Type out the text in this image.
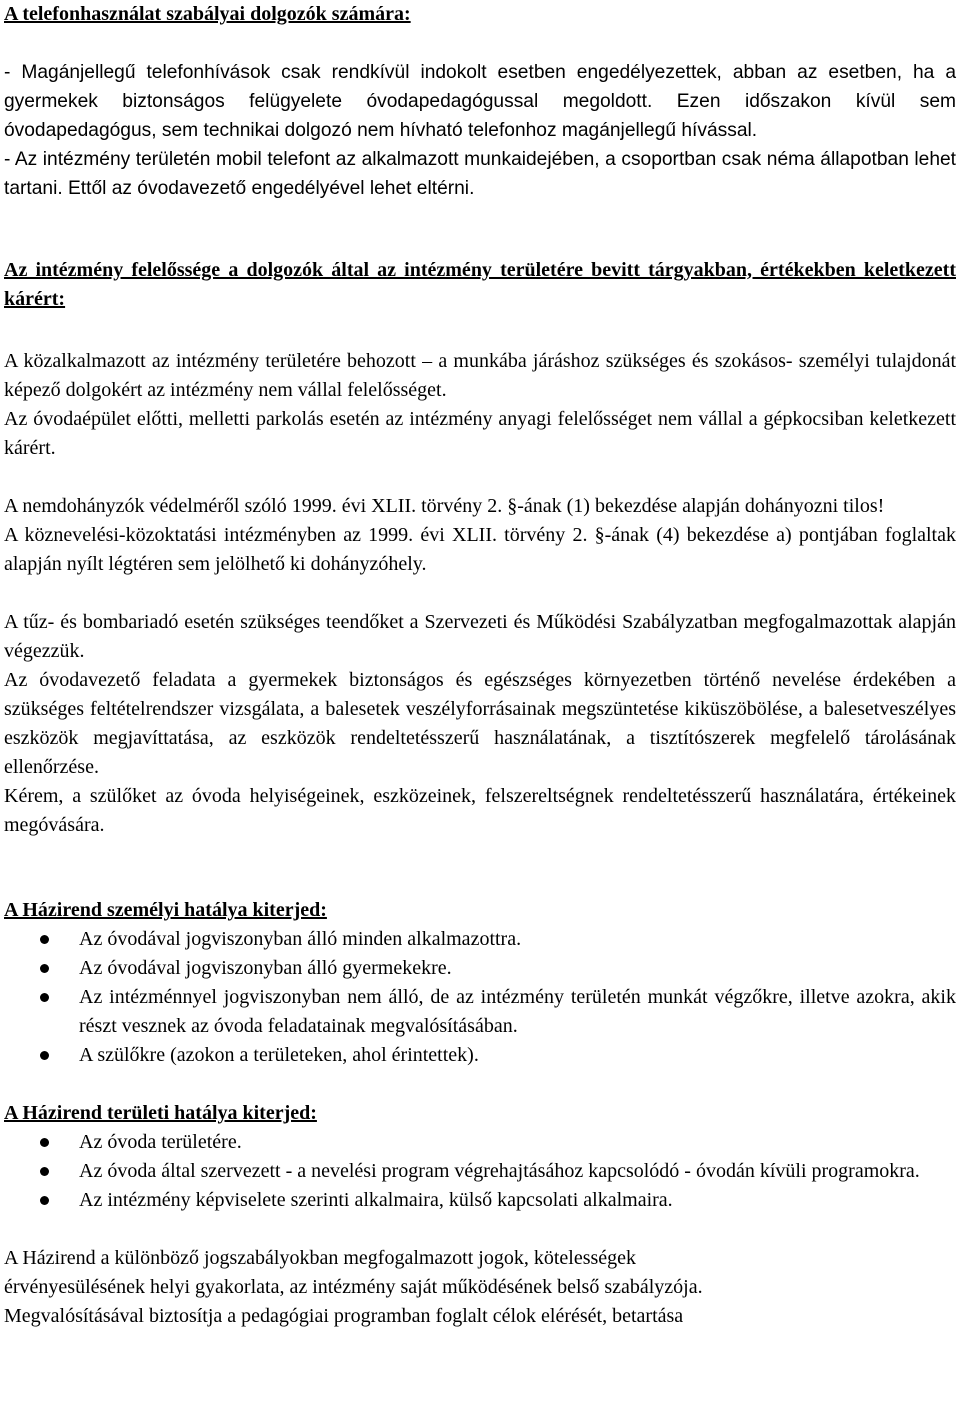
A telefonhasználat szabályai dolgozók számára:

- Magánjellegű telefonhívások csak rendkívül indokolt esetben engedélyezettek, abban az esetben, ha a gyermekek biztonságos felügyelete óvodapedagógussal megoldott. Ezen időszakon kívül sem óvodapedagógus, sem technikai dolgozó nem hívható telefonhoz magánjellegű hívással.

- Az intézmény területén mobil telefont az alkalmazott munkaidejében, a csoportban csak néma állapotban lehet tartani. Ettől az óvodavezető engedélyével lehet eltérni.

Az intézmény felelőssége a dolgozók által az intézmény területére bevitt tárgyakban, értékekben keletkezett kárért:

A közalkalmazott az intézmény területére behozott – a munkába járáshoz szükséges és szokásos- személyi tulajdonát képező dolgokért az intézmény nem vállal felelősséget.

Az óvodaépület előtti, melletti parkolás esetén az intézmény anyagi felelősséget nem vállal a gépkocsiban keletkezett kárért.

A nemdohányzók védelméről szóló 1999. évi XLII. törvény 2. §-ának (1) bekezdése alapján dohányozni tilos!

A köznevelési-közoktatási intézményben az 1999. évi XLII. törvény 2. §-ának (4) bekezdése a) pontjában foglaltak alapján nyílt légtéren sem jelölhető ki dohányzóhely.

A tűz- és bombariadó esetén szükséges teendőket a Szervezeti és Működési Szabályzatban megfogalmazottak alapján végezzük.

Az óvodavezető feladata a gyermekek biztonságos és egészséges környezetben történő nevelése érdekében a szükséges feltételrendszer vizsgálata, a balesetek veszélyforrásainak megszüntetése kiküszöbölése, a balesetveszélyes eszközök megjavíttatása, az eszközök rendeltetésszerű használatának, a tisztítószerek megfelelő tárolásának ellenőrzése.

Kérem, a szülőket az óvoda helyiségeinek, eszközeinek, felszereltségnek rendeltetésszerű használatára, értékeinek megóvására.

A Házirend személyi hatálya kiterjed:
Az óvodával jogviszonyban álló minden alkalmazottra.
Az óvodával jogviszonyban álló gyermekekre.
Az intézménnyel jogviszonyban nem álló, de az intézmény területén munkát végzőkre, illetve azokra, akik részt vesznek az óvoda feladatainak megvalósításában.
A szülőkre (azokon a területeken, ahol érintettek).
A Házirend területi hatálya kiterjed:
Az óvoda területére.
Az óvoda által szervezett - a nevelési program végrehajtásához kapcsolódó - óvodán kívüli programokra.
Az intézmény képviselete szerinti alkalmaira, külső kapcsolati alkalmaira.

A Házirend a különböző jogszabályokban megfogalmazott jogok, kötelességek

érvényesülésének helyi gyakorlata, az intézmény saját működésének belső szabályzója.

Megvalósításával biztosítja a pedagógiai programban foglalt célok elérését, betartása
